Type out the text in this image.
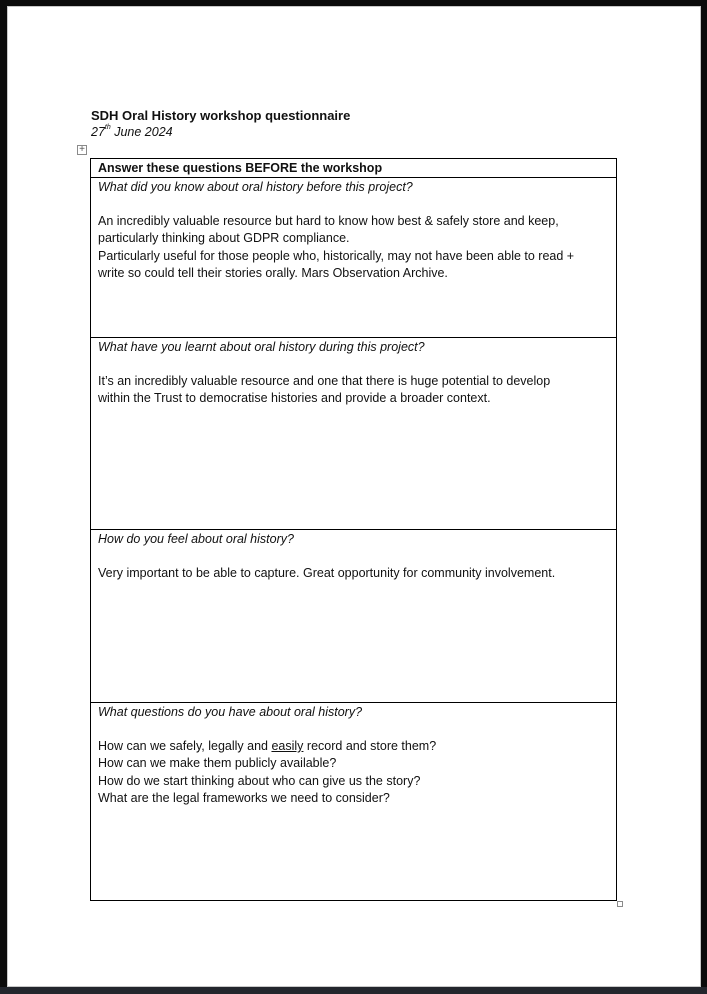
SDH Oral History workshop questionnaire
27th June 2024
+
Answer these questions BEFORE the workshop
What did you know about oral history before this project?
An incredibly valuable resource but hard to know how best & safely store and keep,
particularly thinking about GDPR compliance.
Particularly useful for those people who, historically, may not have been able to read +
write so could tell their stories orally. Mars Observation Archive.
What have you learnt about oral history during this project?
It’s an incredibly valuable resource and one that there is huge potential to develop
within the Trust to democratise histories and provide a broader context.
How do you feel about oral history?
Very important to be able to capture. Great opportunity for community involvement.
What questions do you have about oral history?
How can we safely, legally and easily record and store them?
How can we make them publicly available?
How do we start thinking about who can give us the story?
What are the legal frameworks we need to consider?
